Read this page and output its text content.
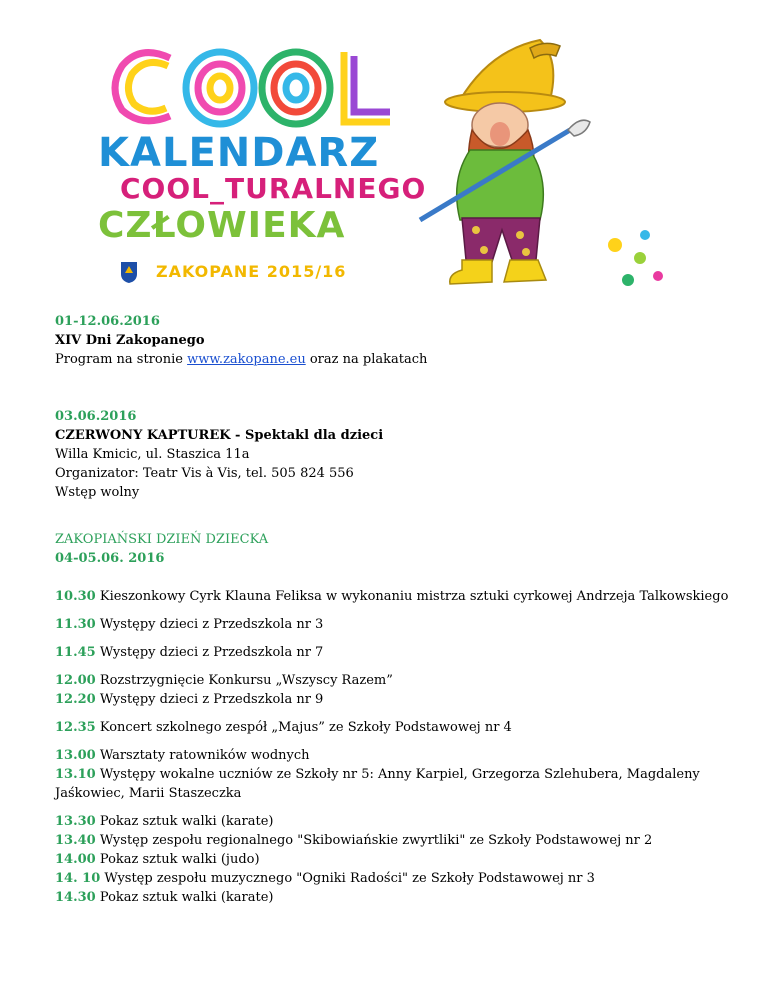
COOL
KALENDARZ
COOL_TURALNEGO
CZŁOWIEKA
ZAKOPANE 2015/16

01-12.06.2016

XIV Dni Zakopanego

Program na stronie www.zakopane.eu oraz na plakatach

03.06.2016

CZERWONY KAPTUREK - Spektakl dla dzieci

Willa Kmicic, ul. Staszica 11a

Organizator: Teatr Vis à Vis, tel. 505 824 556

Wstęp wolny

ZAKOPIAŃSKI DZIEŃ DZIECKA

04-05.06. 2016

10.30 Kieszonkowy Cyrk Klauna Feliksa w wykonaniu mistrza sztuki cyrkowej Andrzeja Talkowskiego

11.30 Występy dzieci z Przedszkola nr 3

11.45 Występy dzieci z Przedszkola nr 7

12.00 Rozstrzygnięcie Konkursu „Wszyscy Razem”

12.20 Występy dzieci z Przedszkola nr 9

12.35 Koncert szkolnego zespół „Majus” ze Szkoły Podstawowej nr 4

13.00 Warsztaty ratowników wodnych

13.10 Występy wokalne uczniów ze Szkoły nr 5: Anny Karpiel, Grzegorza Szlehubera, Magdaleny Jaśkowiec, Marii Staszeczka

13.30 Pokaz sztuk walki (karate)

13.40 Występ zespołu regionalnego "Skibowiańskie zwyrtliki" ze Szkoły Podstawowej nr 2

14.00 Pokaz sztuk walki (judo)

14. 10 Występ zespołu muzycznego "Ogniki Radości" ze Szkoły Podstawowej nr 3

14.30 Pokaz sztuk walki (karate)
